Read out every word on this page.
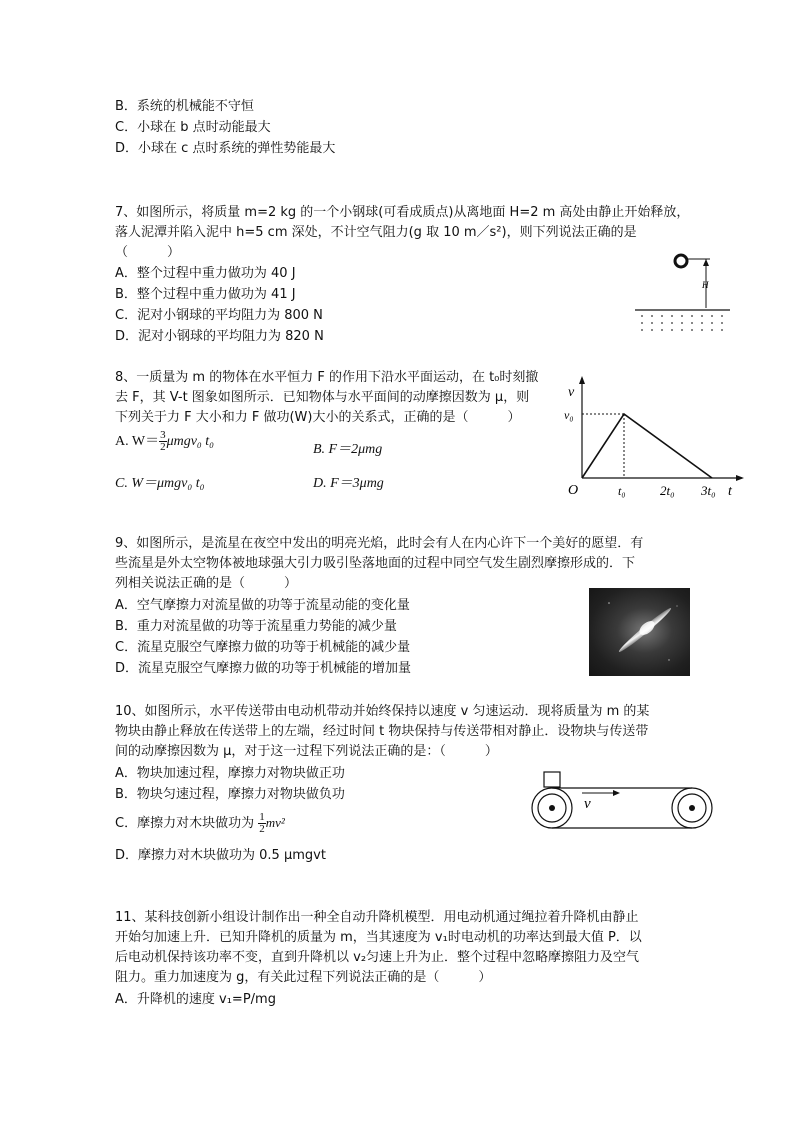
B．系统的机械能不守恒
C．小球在 b 点时动能最大
D．小球在 c 点时系统的弹性势能最大
7、如图所示，将质量 m=2 kg 的一个小钢球(可看成质点)从离地面 H=2 m 高处由静止开始释放，
落人泥潭并陷入泥中 h=5 cm 深处，不计空气阻力(g 取 10 m／s²)，则下列说法正确的是
（　　　）
A．整个过程中重力做功为 40 J
B．整个过程中重力做功为 41 J
C．泥对小钢球的平均阻力为 800 N
D．泥对小钢球的平均阻力为 820 N
H
8、一质量为 m 的物体在水平恒力 F 的作用下沿水平面运动，在 t₀时刻撤
去 F，其 V-t 图象如图所示．已知物体与水平面间的动摩擦因数为 μ，则
下列关于力 F 大小和力 F 做功(W)大小的关系式，正确的是（　　　）
A. $W= \frac{3}{2} \mu mgv_0$ t₀
B. F＝2μmg
C. W＝μmgv₀ t₀	D. F＝3μmg
v
v₀
O	t₀	2t₀ 3t₀ t
9、如图所示，是流星在夜空中发出的明亮光焰，此时会有人在内心许下一个美好的愿望．有
些流星是外太空物体被地球强大引力吸引坠落地面的过程中同空气发生剧烈摩擦形成的．下
列相关说法正确的是（　　　）
A．空气摩擦力对流星做的功等于流星动能的变化量
B．重力对流星做的功等于流星重力势能的减少量
C．流星克服空气摩擦力做的功等于机械能的减少量
D．流星克服空气摩擦力做的功等于机械能的增加量
10、如图所示，水平传送带由电动机带动并始终保持以速度 v 匀速运动．现将质量为 m 的某
物块由静止释放在传送带上的左端，经过时间 t 物块保持与传送带相对静止．设物块与传送带
间的动摩擦因数为 μ，对于这一过程下列说法正确的是：（　　　）
A．物块加速过程，摩擦力对物块做正功
B．物块匀速过程，摩擦力对物块做负功
C．摩擦力对木块做功为 $\frac{1}{2} mv^2$
D．摩擦力对木块做功为 0.5 μmgvt
v
11、某科技创新小组设计制作出一种全自动升降机模型．用电动机通过绳拉着升降机由静止
开始匀加速上升．已知升降机的质量为 m，当其速度为 v₁时电动机的功率达到最大值 P．以
后电动机保持该功率不变，直到升降机以 v₂匀速上升为止．整个过程中忽略摩擦阻力及空气
阻力。重力加速度为 g，有关此过程下列说法正确的是（　　　）
A．升降机的速度 v₁=P/mg
